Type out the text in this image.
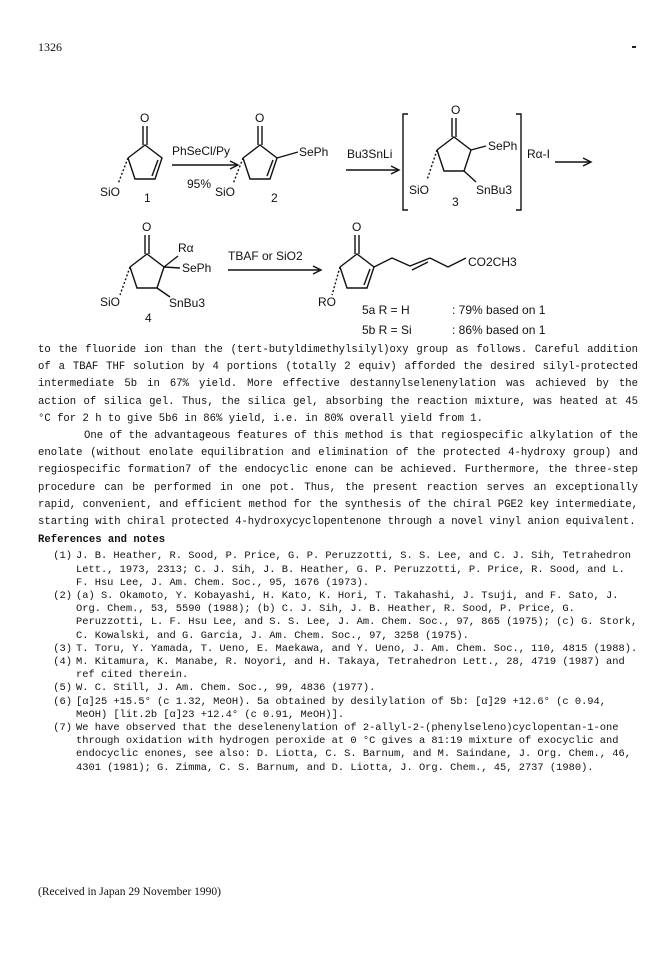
1326
O
SiO 1
PhSeCl/Py
95%
O
SePh
SiO	2
Bu3SnLi
O
SePh
SnBu3
SiO
3
Rα-I
O
Rα
SePh
SnBu3
SiO
4
TBAF or SiO2
O
CO2CH3
RO
5a R = H	: 79% based on 1
5b R = Si	: 86% based on 1

to the fluoride ion than the (tert-butyldimethylsilyl)oxy group as follows. Careful addition of a TBAF THF solution by 4 portions (totally 2 equiv) afforded the desired silyl-protected intermediate 5b in 67% yield. More effective destannylselenenylation was achieved by the action of silica gel. Thus, the silica gel, absorbing the reaction mixture, was heated at 45 °C for 2 h to give 5b6 in 86% yield, i.e. in 80% overall yield from 1.

One of the advantageous features of this method is that regiospecific alkylation of the enolate (without enolate equilibration and elimination of the protected 4-hydroxy group) and regiospecific formation7 of the endocyclic enone can be achieved. Furthermore, the three-step procedure can be performed in one pot. Thus, the present reaction serves an exceptionally rapid, convenient, and efficient method for the synthesis of the chiral PGE2 key intermediate, starting with chiral protected 4-hydroxycyclopentenone through a novel vinyl anion equivalent.

References and notes
(1) J. B. Heather, R. Sood, P. Price, G. P. Peruzzotti, S. S. Lee, and C. J. Sih, Tetrahedron Lett., 1973, 2313; C. J. Sih, J. B. Heather, G. P. Peruzzotti, P. Price, R. Sood, and L. F. Hsu Lee, J. Am. Chem. Soc., 95, 1676 (1973).
(2) (a) S. Okamoto, Y. Kobayashi, H. Kato, K. Hori, T. Takahashi, J. Tsuji, and F. Sato, J. Org. Chem., 53, 5590 (1988); (b) C. J. Sih, J. B. Heather, R. Sood, P. Price, G. Peruzzotti, L. F. Hsu Lee, and S. S. Lee, J. Am. Chem. Soc., 97, 865 (1975); (c) G. Stork, C. Kowalski, and G. Garcia, J. Am. Chem. Soc., 97, 3258 (1975).
(3) T. Toru, Y. Yamada, T. Ueno, E. Maekawa, and Y. Ueno, J. Am. Chem. Soc., 110, 4815 (1988).
(4) M. Kitamura, K. Manabe, R. Noyori, and H. Takaya, Tetrahedron Lett., 28, 4719 (1987) and ref cited therein.
(5) W. C. Still, J. Am. Chem. Soc., 99, 4836 (1977).
(6) [α]25 +15.5° (c 1.32, MeOH). 5a obtained by desilylation of 5b: [α]29 +12.6° (c 0.94, MeOH) [lit.2b [α]23 +12.4° (c 0.91, MeOH)].
(7) We have observed that the deselenenylation of 2-allyl-2-(phenylseleno)cyclopentan-1-one through oxidation with hydrogen peroxide at 0 °C gives a 81:19 mixture of exocyclic and endocyclic enones, see also: D. Liotta, C. S. Barnum, and M. Saindane, J. Org. Chem., 46, 4301 (1981); G. Zimma, C. S. Barnum, and D. Liotta, J. Org. Chem., 45, 2737 (1980).
(Received in Japan 29 November 1990)
